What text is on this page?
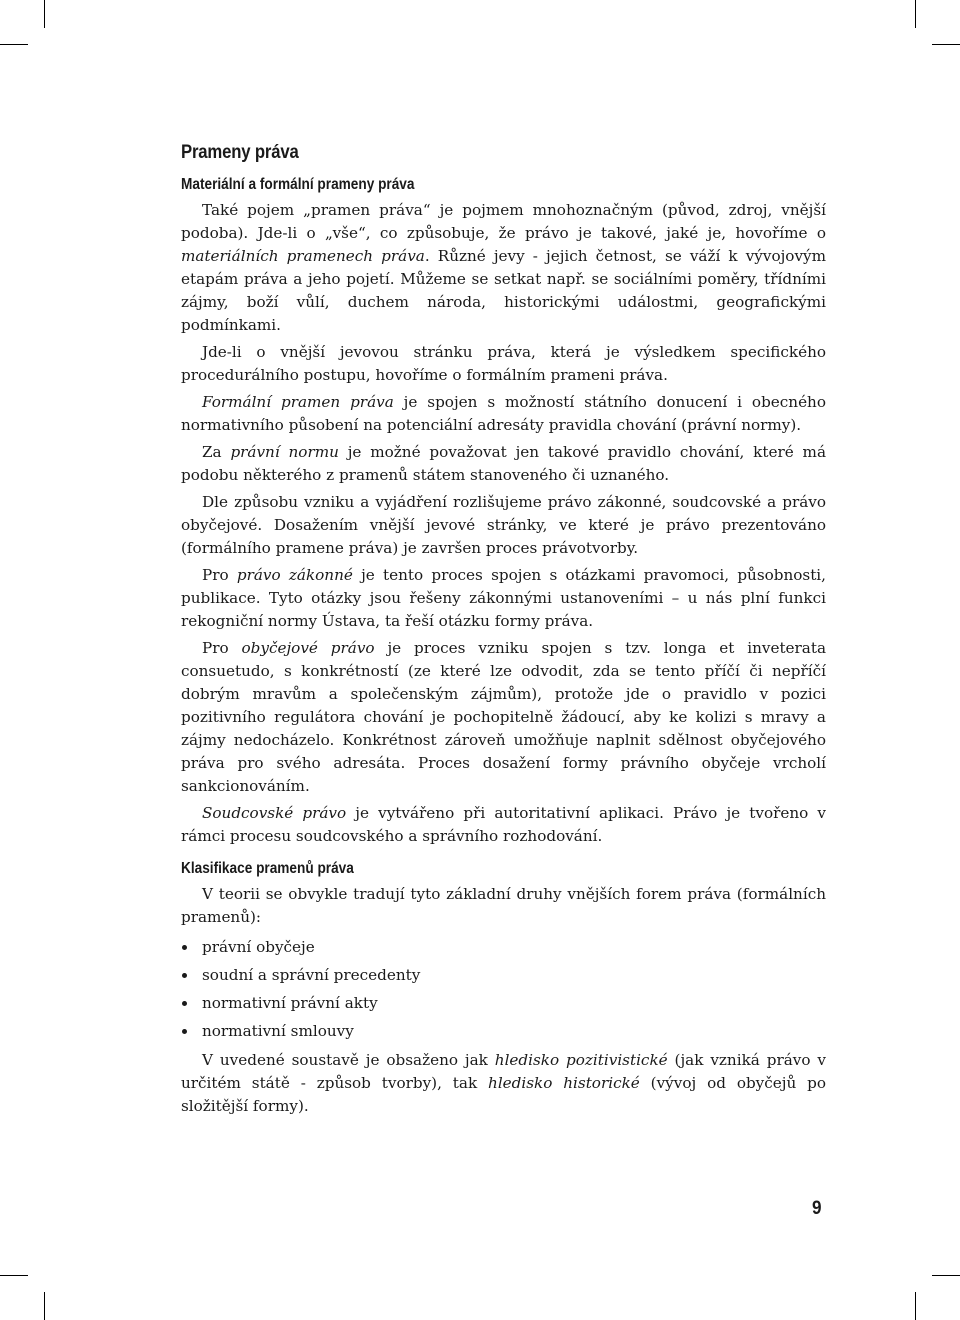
Prameny práva
Materiální a formální prameny práva

Také pojem „pramen práva“ je pojmem mnohoznačným (původ, zdroj, vnější podoba). Jde-li o „vše“, co způsobuje, že právo je takové, jaké je, hovoříme o materiálních pramenech práva. Různé jevy - jejich četnost, se váží k vývojovým etapám práva a jeho pojetí. Můžeme se setkat např. se sociálními poměry, třídními zájmy, boží vůlí, duchem národa, historickými událostmi, geografickými podmínkami.

Jde-li o vnější jevovou stránku práva, která je výsledkem specifického procedurálního postupu, hovoříme o formálním prameni práva.

Formální pramen práva je spojen s možností státního donucení i obecného normativního působení na potenciální adresáty pravidla chování (právní normy).

Za právní normu je možné považovat jen takové pravidlo chování, které má podobu některého z pramenů státem stanoveného či uznaného.

Dle způsobu vzniku a vyjádření rozlišujeme právo zákonné, soudcovské a právo obyčejové. Dosažením vnější jevové stránky, ve které je právo prezentováno (formálního pramene práva) je završen proces právotvorby.

Pro právo zákonné je tento proces spojen s otázkami pravomoci, působnosti, publikace. Tyto otázky jsou řešeny zákonnými ustanoveními – u nás plní funkci rekogniční normy Ústava, ta řeší otázku formy práva.

Pro obyčejové právo je proces vzniku spojen s tzv. longa et inveterata consuetudo, s konkrétností (ze které lze odvodit, zda se tento příčí či nepříčí dobrým mravům a společenským zájmům), protože jde o pravidlo v pozici pozitivního regulátora chování je pochopitelně žádoucí, aby ke kolizi s mravy a zájmy nedocházelo. Konkrétnost zároveň umožňuje naplnit sdělnost obyčejového práva pro svého adresáta. Proces dosažení formy právního obyčeje vrcholí sankcionováním.

Soudcovské právo je vytvářeno při autoritativní aplikaci. Právo je tvořeno v rámci procesu soudcovského a správního rozhodování.

Klasifikace pramenů práva

V teorii se obvykle tradují tyto základní druhy vnějších forem práva (formálních pramenů):

právní obyčeje
soudní a správní precedenty
normativní právní akty
normativní smlouvy

V uvedené soustavě je obsaženo jak hledisko pozitivistické (jak vzniká právo v určitém státě - způsob tvorby), tak hledisko historické (vývoj od obyčejů po složitější formy).

9
